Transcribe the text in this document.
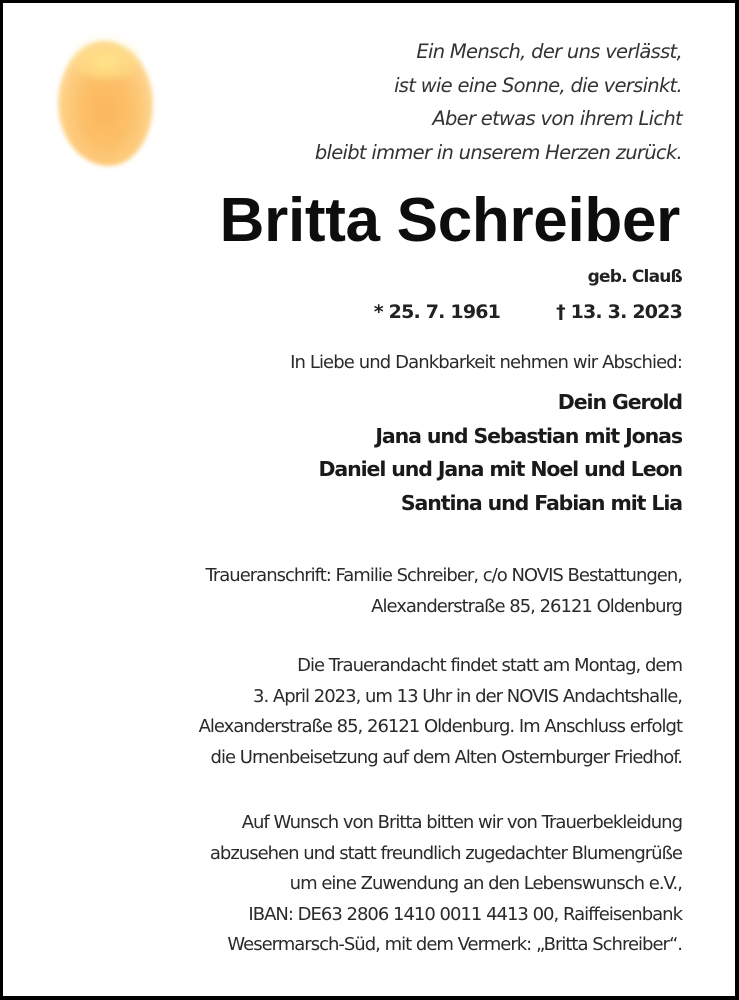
Ein Mensch, der uns verlässt,
ist wie eine Sonne, die versinkt.
Aber etwas von ihrem Licht
bleibt immer in unserem Herzen zurück.
Britta Schreiber
geb. Clauß
* 25. 7. 1961	† 13. 3. 2023
In Liebe und Dankbarkeit nehmen wir Abschied:
Dein Gerold
Jana und Sebastian mit Jonas
Daniel und Jana mit Noel und Leon
Santina und Fabian mit Lia
Traueranschrift: Familie Schreiber, c/o NOVIS Bestattungen,
Alexanderstraße 85, 26121 Oldenburg
Die Trauerandacht findet statt am Montag, dem
3. April 2023, um 13 Uhr in der NOVIS Andachtshalle,
Alexanderstraße 85, 26121 Oldenburg. Im Anschluss erfolgt
die Urnenbeisetzung auf dem Alten Osternburger Friedhof.
Auf Wunsch von Britta bitten wir von Trauerbekleidung
abzusehen und statt freundlich zugedachter Blumengrüße
um eine Zuwendung an den Lebenswunsch e.V.,
IBAN: DE63 2806 1410 0011 4413 00, Raiffeisenbank
Wesermarsch-Süd, mit dem Vermerk: „Britta Schreiber“.
